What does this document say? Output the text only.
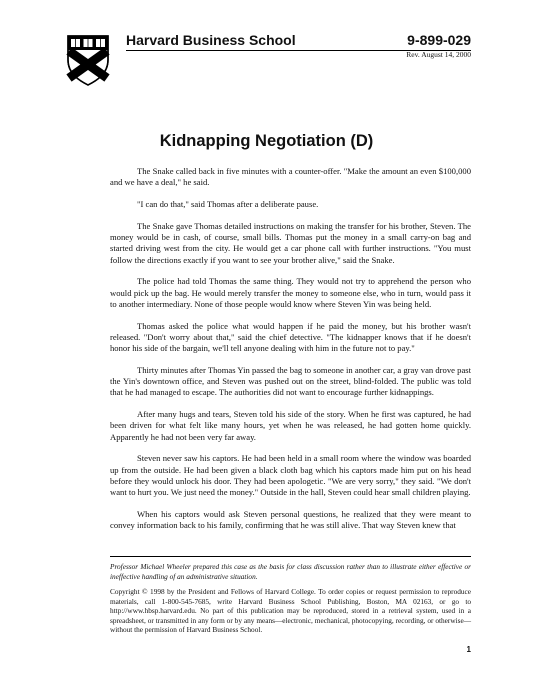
Harvard Business School	9-899-029
Rev. August 14, 2000
Kidnapping Negotiation (D)

The Snake called back in five minutes with a counter-offer. "Make the amount an even $100,000 and we have a deal," he said.

"I can do that," said Thomas after a deliberate pause.

The Snake gave Thomas detailed instructions on making the transfer for his brother, Steven. The money would be in cash, of course, small bills. Thomas put the money in a small carry-on bag and started driving west from the city. He would get a car phone call with further instructions. "You must follow the directions exactly if you want to see your brother alive," said the Snake.

The police had told Thomas the same thing. They would not try to apprehend the person who would pick up the bag. He would merely transfer the money to someone else, who in turn, would pass it to another intermediary. None of those people would know where Steven Yin was being held.

Thomas asked the police what would happen if he paid the money, but his brother wasn't released. "Don't worry about that," said the chief detective. "The kidnapper knows that if he doesn't honor his side of the bargain, we'll tell anyone dealing with him in the future not to pay."

Thirty minutes after Thomas Yin passed the bag to someone in another car, a gray van drove past the Yin's downtown office, and Steven was pushed out on the street, blind-folded. The public was told that he had managed to escape. The authorities did not want to encourage further kidnappings.

After many hugs and tears, Steven told his side of the story. When he first was captured, he had been driven for what felt like many hours, yet when he was released, he had gotten home quickly. Apparently he had not been very far away.

Steven never saw his captors. He had been held in a small room where the window was boarded up from the outside. He had been given a black cloth bag which his captors made him put on his head before they would unlock his door. They had been apologetic. "We are very sorry," they said. "We don't want to hurt you. We just need the money." Outside in the hall, Steven could hear small children playing.

When his captors would ask Steven personal questions, he realized that they were meant to convey information back to his family, confirming that he was still alive. That way Steven knew that

Professor Michael Wheeler prepared this case as the basis for class discussion rather than to illustrate either effective or ineffective handling of an administrative situation.
Copyright © 1998 by the President and Fellows of Harvard College. To order copies or request permission to reproduce materials, call 1-800-545-7685, write Harvard Business School Publishing, Boston, MA 02163, or go to http://www.hbsp.harvard.edu. No part of this publication may be reproduced, stored in a retrieval system, used in a spreadsheet, or transmitted in any form or by any means—electronic, mechanical, photocopying, recording, or otherwise—without the permission of Harvard Business School.
1
